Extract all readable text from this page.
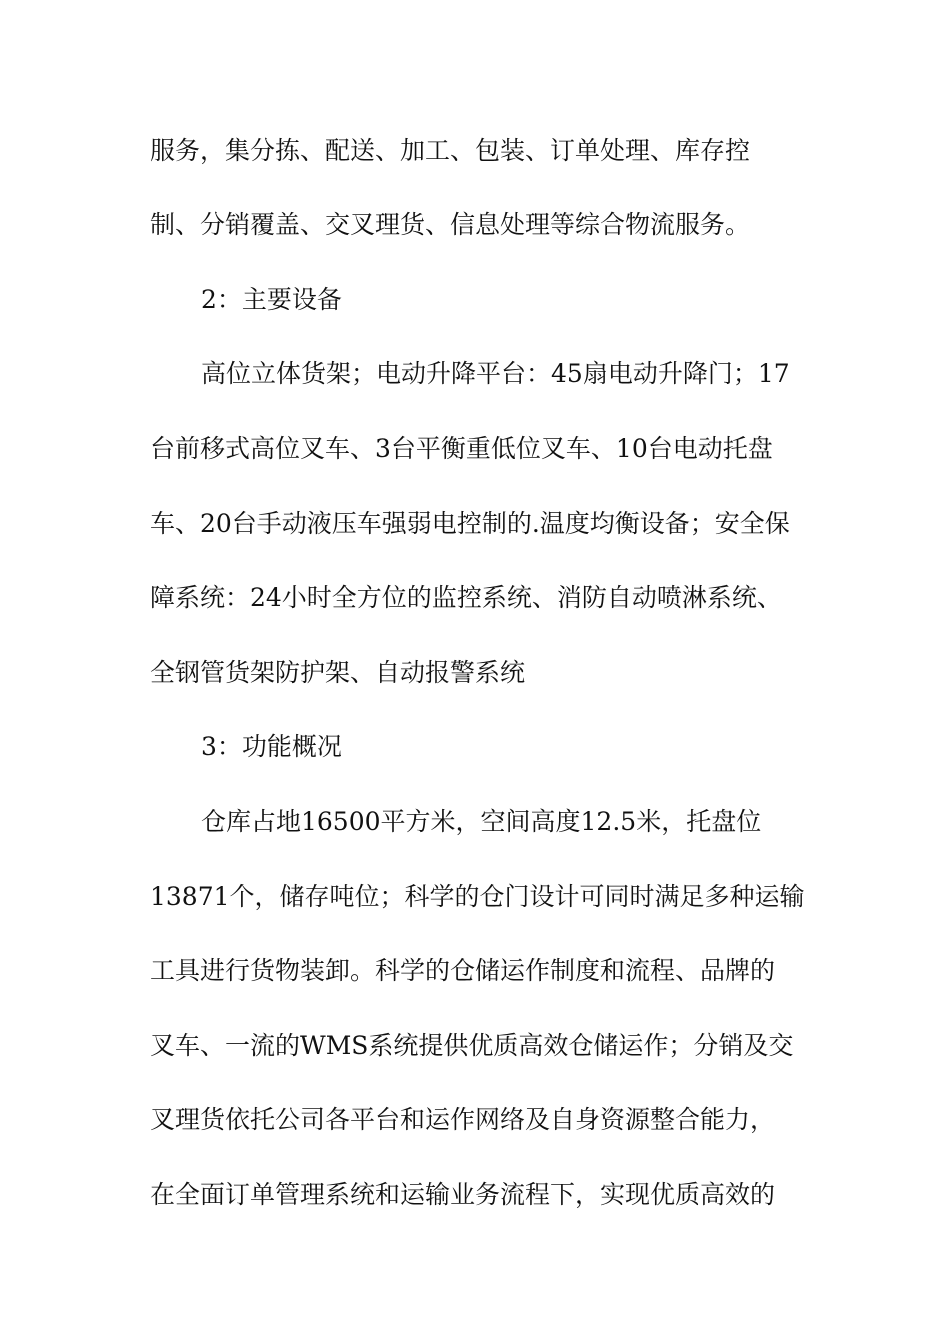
服务，集分拣、配送、加工、包装、订单处理、库存控
制、分销覆盖、交叉理货、信息处理等综合物流服务。
2：主要设备
高位立体货架；电动升降平台：45扇电动升降门；17
台前移式高位叉车、3台平衡重低位叉车、10台电动托盘
车、20台手动液压车强弱电控制的.温度均衡设备；安全保
障系统：24小时全方位的监控系统、消防自动喷淋系统、
全钢管货架防护架、自动报警系统
3：功能概况
仓库占地16500平方米，空间高度12.5米，托盘位
13871个，储存吨位；科学的仓门设计可同时满足多种运输
工具进行货物装卸。科学的仓储运作制度和流程、品牌的
叉车、一流的WMS系统提供优质高效仓储运作；分销及交
叉理货依托公司各平台和运作网络及自身资源整合能力，
在全面订单管理系统和运输业务流程下，实现优质高效的
